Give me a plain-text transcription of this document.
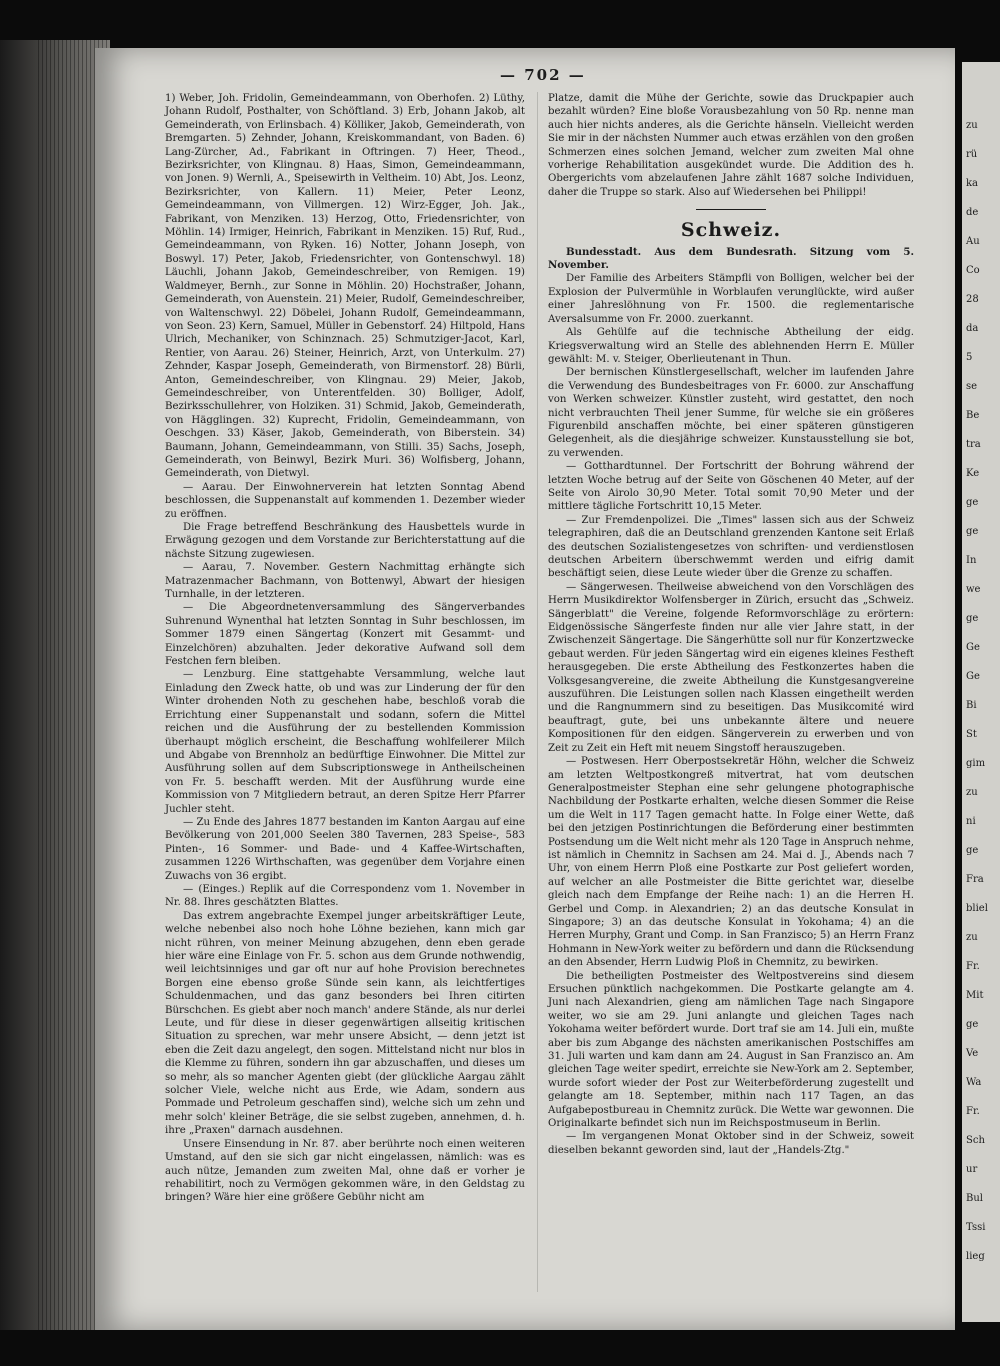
zu
rü
ka
de
Au
Co
28
da
5
se
Be
tra
Ke
ge
ge
In
we
ge
Ge
Ge
Bi
St
gim
zu
ni
ge
Fra
bliel
zu
Fr.
Mit
ge
Ve
Wa
Fr.
Sch
ur
Bul
Tssi
lieg
— 702 —

1) Weber, Joh. Fridolin, Gemeindeammann, von Oberhofen. 2) Lüthy, Johann Rudolf, Posthalter, von Schöftland. 3) Erb, Johann Jakob, alt Gemeinderath, von Erlinsbach. 4) Kölliker, Jakob, Gemeinderath, von Bremgarten. 5) Zehnder, Johann, Kreiskommandant, von Baden. 6) Lang-Zürcher, Ad., Fabrikant in Oftringen. 7) Heer, Theod., Bezirksrichter, von Klingnau. 8) Haas, Simon, Gemeindeammann, von Jonen. 9) Wernli, A., Speisewirth in Veltheim. 10) Abt, Jos. Leonz, Bezirksrichter, von Kallern. 11) Meier, Peter Leonz, Gemeindeammann, von Villmergen. 12) Wirz-Egger, Joh. Jak., Fabrikant, von Menziken. 13) Herzog, Otto, Friedensrichter, von Möhlin. 14) Irmiger, Heinrich, Fabrikant in Menziken. 15) Ruf, Rud., Gemeindeammann, von Ryken. 16) Notter, Johann Joseph, von Boswyl. 17) Peter, Jakob, Friedensrichter, von Gontenschwyl. 18) Läuchli, Johann Jakob, Gemeindeschreiber, von Remigen. 19) Waldmeyer, Bernh., zur Sonne in Möhlin. 20) Hochstraßer, Johann, Gemeinderath, von Auenstein. 21) Meier, Rudolf, Gemeindeschreiber, von Waltenschwyl. 22) Döbelei, Johann Rudolf, Gemeindeammann, von Seon. 23) Kern, Samuel, Müller in Gebenstorf. 24) Hiltpold, Hans Ulrich, Mechaniker, von Schinznach. 25) Schmutziger-Jacot, Karl, Rentier, von Aarau. 26) Steiner, Heinrich, Arzt, von Unterkulm. 27) Zehnder, Kaspar Joseph, Gemeinderath, von Birmenstorf. 28) Bürli, Anton, Gemeindeschreiber, von Klingnau. 29) Meier, Jakob, Gemeindeschreiber, von Unterentfelden. 30) Bolliger, Adolf, Bezirksschullehrer, von Holziken. 31) Schmid, Jakob, Gemeinderath, von Hägglingen. 32) Kuprecht, Fridolin, Gemeindeammann, von Oeschgen. 33) Käser, Jakob, Gemeinderath, von Biberstein. 34) Baumann, Johann, Gemeindeammann, von Stilli. 35) Sachs, Joseph, Gemeinderath, von Beinwyl, Bezirk Muri. 36) Wolfisberg, Johann, Gemeinderath, von Dietwyl.

— Aarau. Der Einwohnerverein hat letzten Sonntag Abend beschlossen, die Suppenanstalt auf kommenden 1. Dezember wieder zu eröffnen.

Die Frage betreffend Beschränkung des Hausbettels wurde in Erwägung gezogen und dem Vorstande zur Berichterstattung auf die nächste Sitzung zugewiesen.

— Aarau, 7. November. Gestern Nachmittag erhängte sich Matrazenmacher Bachmann, von Bottenwyl, Abwart der hiesigen Turnhalle, in der letzteren.

— Die Abgeordnetenversammlung des Sängerverbandes Suhrenund Wynenthal hat letzten Sonntag in Suhr beschlossen, im Sommer 1879 einen Sängertag (Konzert mit Gesammt- und Einzelchören) abzuhalten. Jeder dekorative Aufwand soll dem Festchen fern bleiben.

— Lenzburg. Eine stattgehabte Versammlung, welche laut Einladung den Zweck hatte, ob und was zur Linderung der für den Winter drohenden Noth zu geschehen habe, beschloß vorab die Errichtung einer Suppenanstalt und sodann, sofern die Mittel reichen und die Ausführung der zu bestellenden Kommission überhaupt möglich erscheint, die Beschaffung wohlfeilerer Milch und Abgabe von Brennholz an bedürftige Einwohner. Die Mittel zur Ausführung sollen auf dem Subscriptionswege in Antheilscheinen von Fr. 5. beschafft werden. Mit der Ausführung wurde eine Kommission von 7 Mitgliedern betraut, an deren Spitze Herr Pfarrer Juchler steht.

— Zu Ende des Jahres 1877 bestanden im Kanton Aargau auf eine Bevölkerung von 201,000 Seelen 380 Tavernen, 283 Speise-, 583 Pinten-, 16 Sommer- und Bade- und 4 Kaffee-Wirtschaften, zusammen 1226 Wirthschaften, was gegenüber dem Vorjahre einen Zuwachs von 36 ergibt.

— (Einges.) Replik auf die Correspondenz vom 1. November in Nr. 88. Ihres geschätzten Blattes.

Das extrem angebrachte Exempel junger arbeitskräftiger Leute, welche nebenbei also noch hohe Löhne beziehen, kann mich gar nicht rühren, von meiner Meinung abzugehen, denn eben gerade hier wäre eine Einlage von Fr. 5. schon aus dem Grunde nothwendig, weil leichtsinniges und gar oft nur auf hohe Provision berechnetes Borgen eine ebenso große Sünde sein kann, als leichtfertiges Schuldenmachen, und das ganz besonders bei Ihren citirten Bürschchen. Es giebt aber noch manch' andere Stände, als nur derlei Leute, und für diese in dieser gegenwärtigen allseitig kritischen Situation zu sprechen, war mehr unsere Absicht, — denn jetzt ist eben die Zeit dazu angelegt, den sogen. Mittelstand nicht nur blos in die Klemme zu führen, sondern ihn gar abzuschaffen, und dieses um so mehr, als so mancher Agenten giebt (der glückliche Aargau zählt solcher Viele, welche nicht aus Erde, wie Adam, sondern aus Pommade und Petroleum geschaffen sind), welche sich um zehn und mehr solch' kleiner Beträge, die sie selbst zugeben, annehmen, d. h. ihre „Praxen" darnach ausdehnen.

Unsere Einsendung in Nr. 87. aber berührte noch einen weiteren Umstand, auf den sie sich gar nicht eingelassen, nämlich: was es auch nütze, Jemanden zum zweiten Mal, ohne daß er vorher je rehabilitirt, noch zu Vermögen gekommen wäre, in den Geldstag zu bringen? Wäre hier eine größere Gebühr nicht am

Platze, damit die Mühe der Gerichte, sowie das Druckpapier auch bezahlt würden? Eine bloße Vorausbezahlung von 50 Rp. nenne man auch hier nichts anderes, als die Gerichte hänseln. Vielleicht werden Sie mir in der nächsten Nummer auch etwas erzählen von den großen Schmerzen eines solchen Jemand, welcher zum zweiten Mal ohne vorherige Rehabilitation ausgekündet wurde. Die Addition des h. Obergerichts vom abzelaufenen Jahre zählt 1687 solche Individuen, daher die Truppe so stark. Also auf Wiedersehen bei Philippi!

Schweiz.

Bundesstadt. Aus dem Bundesrath. Sitzung vom 5. November.

Der Familie des Arbeiters Stämpfli von Bolligen, welcher bei der Explosion der Pulvermühle in Worblaufen verunglückte, wird außer einer Jahreslöhnung von Fr. 1500. die reglementarische Aversalsumme von Fr. 2000. zuerkannt.

Als Gehülfe auf die technische Abtheilung der eidg. Kriegsverwaltung wird an Stelle des ablehnenden Herrn E. Müller gewählt: M. v. Steiger, Oberlieutenant in Thun.

Der bernischen Künstlergesellschaft, welcher im laufenden Jahre die Verwendung des Bundesbeitrages von Fr. 6000. zur Anschaffung von Werken schweizer. Künstler zusteht, wird gestattet, den noch nicht verbrauchten Theil jener Summe, für welche sie ein größeres Figurenbild anschaffen möchte, bei einer späteren günstigeren Gelegenheit, als die diesjährige schweizer. Kunstausstellung sie bot, zu verwenden.

— Gotthardtunnel. Der Fortschritt der Bohrung während der letzten Woche betrug auf der Seite von Göschenen 40 Meter, auf der Seite von Airolo 30,90 Meter. Total somit 70,90 Meter und der mittlere tägliche Fortschritt 10,15 Meter.

— Zur Fremdenpolizei. Die „Times" lassen sich aus der Schweiz telegraphiren, daß die an Deutschland grenzenden Kantone seit Erlaß des deutschen Sozialistengesetzes von schriften- und verdienstlosen deutschen Arbeitern überschwemmt werden und eifrig damit beschäftigt seien, diese Leute wieder über die Grenze zu schaffen.

— Sängerwesen. Theilweise abweichend von den Vorschlägen des Herrn Musikdirektor Wolfensberger in Zürich, ersucht das „Schweiz. Sängerblatt" die Vereine, folgende Reformvorschläge zu erörtern: Eidgenössische Sängerfeste finden nur alle vier Jahre statt, in der Zwischenzeit Sängertage. Die Sängerhütte soll nur für Konzertzwecke gebaut werden. Für jeden Sängertag wird ein eigenes kleines Festheft herausgegeben. Die erste Abtheilung des Festkonzertes haben die Volksgesangvereine, die zweite Abtheilung die Kunstgesangvereine auszuführen. Die Leistungen sollen nach Klassen eingetheilt werden und die Rangnummern sind zu beseitigen. Das Musikcomité wird beauftragt, gute, bei uns unbekannte ältere und neuere Kompositionen für den eidgen. Sängerverein zu erwerben und von Zeit zu Zeit ein Heft mit neuem Singstoff herauszugeben.

— Postwesen. Herr Oberpostsekretär Höhn, welcher die Schweiz am letzten Weltpostkongreß mitvertrat, hat vom deutschen Generalpostmeister Stephan eine sehr gelungene photographische Nachbildung der Postkarte erhalten, welche diesen Sommer die Reise um die Welt in 117 Tagen gemacht hatte. In Folge einer Wette, daß bei den jetzigen Postinrichtungen die Beförderung einer bestimmten Postsendung um die Welt nicht mehr als 120 Tage in Anspruch nehme, ist nämlich in Chemnitz in Sachsen am 24. Mai d. J., Abends nach 7 Uhr, von einem Herrn Ploß eine Postkarte zur Post geliefert worden, auf welcher an alle Postmeister die Bitte gerichtet war, dieselbe gleich nach dem Empfange der Reihe nach: 1) an die Herren H. Gerbel und Comp. in Alexandrien; 2) an das deutsche Konsulat in Singapore; 3) an das deutsche Konsulat in Yokohama; 4) an die Herren Murphy, Grant und Comp. in San Franzisco; 5) an Herrn Franz Hohmann in New-York weiter zu befördern und dann die Rücksendung an den Absender, Herrn Ludwig Ploß in Chemnitz, zu bewirken.

Die betheiligten Postmeister des Weltpostvereins sind diesem Ersuchen pünktlich nachgekommen. Die Postkarte gelangte am 4. Juni nach Alexandrien, gieng am nämlichen Tage nach Singapore weiter, wo sie am 29. Juni anlangte und gleichen Tages nach Yokohama weiter befördert wurde. Dort traf sie am 14. Juli ein, mußte aber bis zum Abgange des nächsten amerikanischen Postschiffes am 31. Juli warten und kam dann am 24. August in San Franzisco an. Am gleichen Tage weiter spedirt, erreichte sie New-York am 2. September, wurde sofort wieder der Post zur Weiterbeförderung zugestellt und gelangte am 18. September, mithin nach 117 Tagen, an das Aufgabepostbureau in Chemnitz zurück. Die Wette war gewonnen. Die Originalkarte befindet sich nun im Reichspostmuseum in Berlin.

— Im vergangenen Monat Oktober sind in der Schweiz, soweit dieselben bekannt geworden sind, laut der „Handels-Ztg."
